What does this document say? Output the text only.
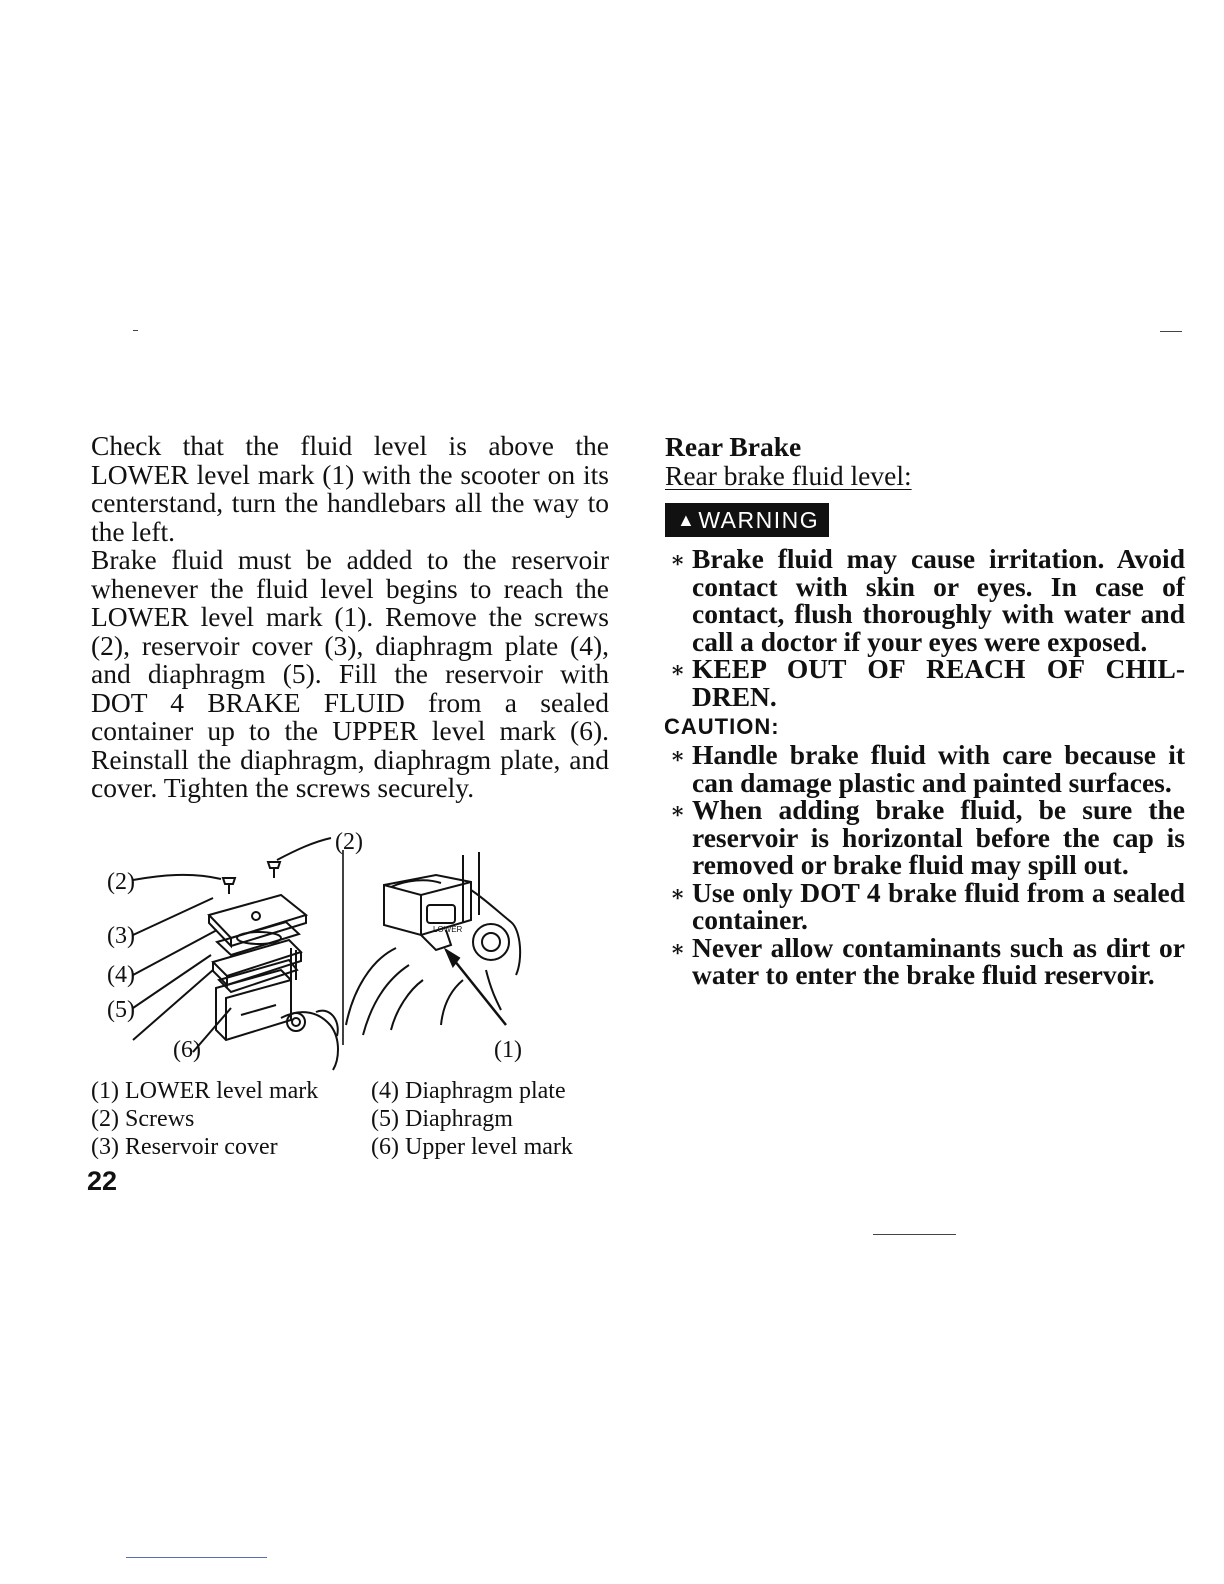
Check that the fluid level is above the LOWER level mark (1) with the scooter on its centerstand, turn the handlebars all the way to the left.

Brake fluid must be added to the reservoir whenever the fluid level begins to reach the LOWER level mark (1). Remove the screws (2), reservoir cover (3), diaphragm plate (4), and diaphragm (5). Fill the reservoir with DOT 4 BRAKE FLUID from a sealed container up to the UPPER level mark (6). Reinstall the diaphragm, diaphragm plate, and cover. Tighten the screws securely.

LOWER
(2)
(2)
(3)
(4)
(5)
(6)	(1)
(1) LOWER level mark
(2) Screws
(3) Reservoir cover
(4) Diaphragm plate
(5) Diaphragm
(6) Upper level mark
22

Rear Brake

Rear brake fluid level:

▲ WARNING
∗ Brake fluid may cause irritation. Avoid contact with skin or eyes. In case of contact, flush thoroughly with water and call a doctor if your eyes were exposed.
∗ KEEP OUT OF REACH OF CHIL-DREN.
CAUTION:
∗ Handle brake fluid with care because it can damage plastic and painted surfaces.
∗ When adding brake fluid, be sure the reservoir is horizontal before the cap is removed or brake fluid may spill out.
∗ Use only DOT 4 brake fluid from a sealed container.
∗ Never allow contaminants such as dirt or water to enter the brake fluid reservoir.
